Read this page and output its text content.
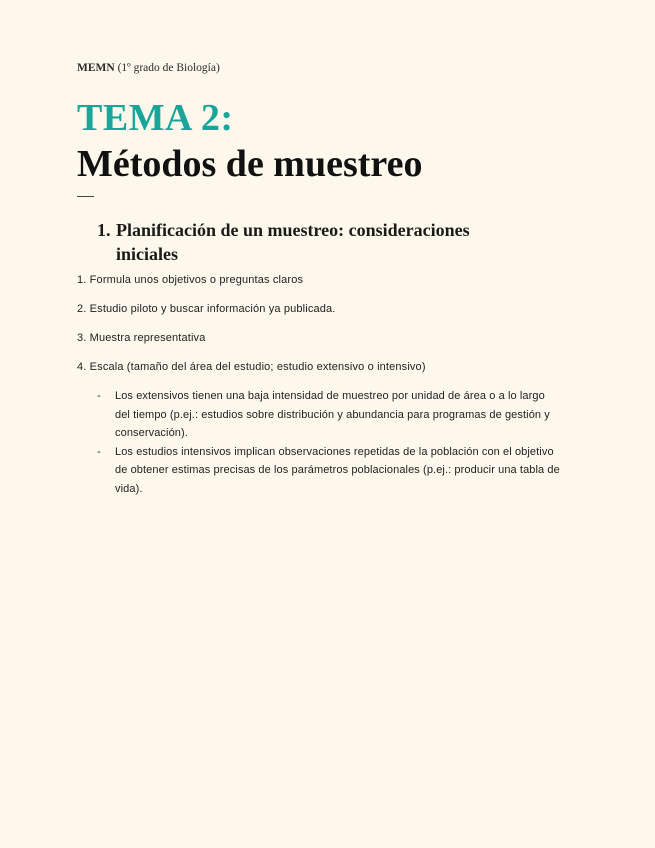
MEMN (1º grado de Biología)
TEMA 2:
Métodos de muestreo
1. Planificación de un muestreo: consideraciones iniciales
1. Formula unos objetivos o preguntas claros
2. Estudio piloto y buscar información ya publicada.
3. Muestra representativa
4. Escala (tamaño del área del estudio; estudio extensivo o intensivo)
- Los extensivos tienen una baja intensidad de muestreo por unidad de área o a lo largo del tiempo (p.ej.: estudios sobre distribución y abundancia para programas de gestión y conservación).
- Los estudios intensivos implican observaciones repetidas de la población con el objetivo de obtener estimas precisas de los parámetros poblacionales (p.ej.: producir una tabla de vida).
